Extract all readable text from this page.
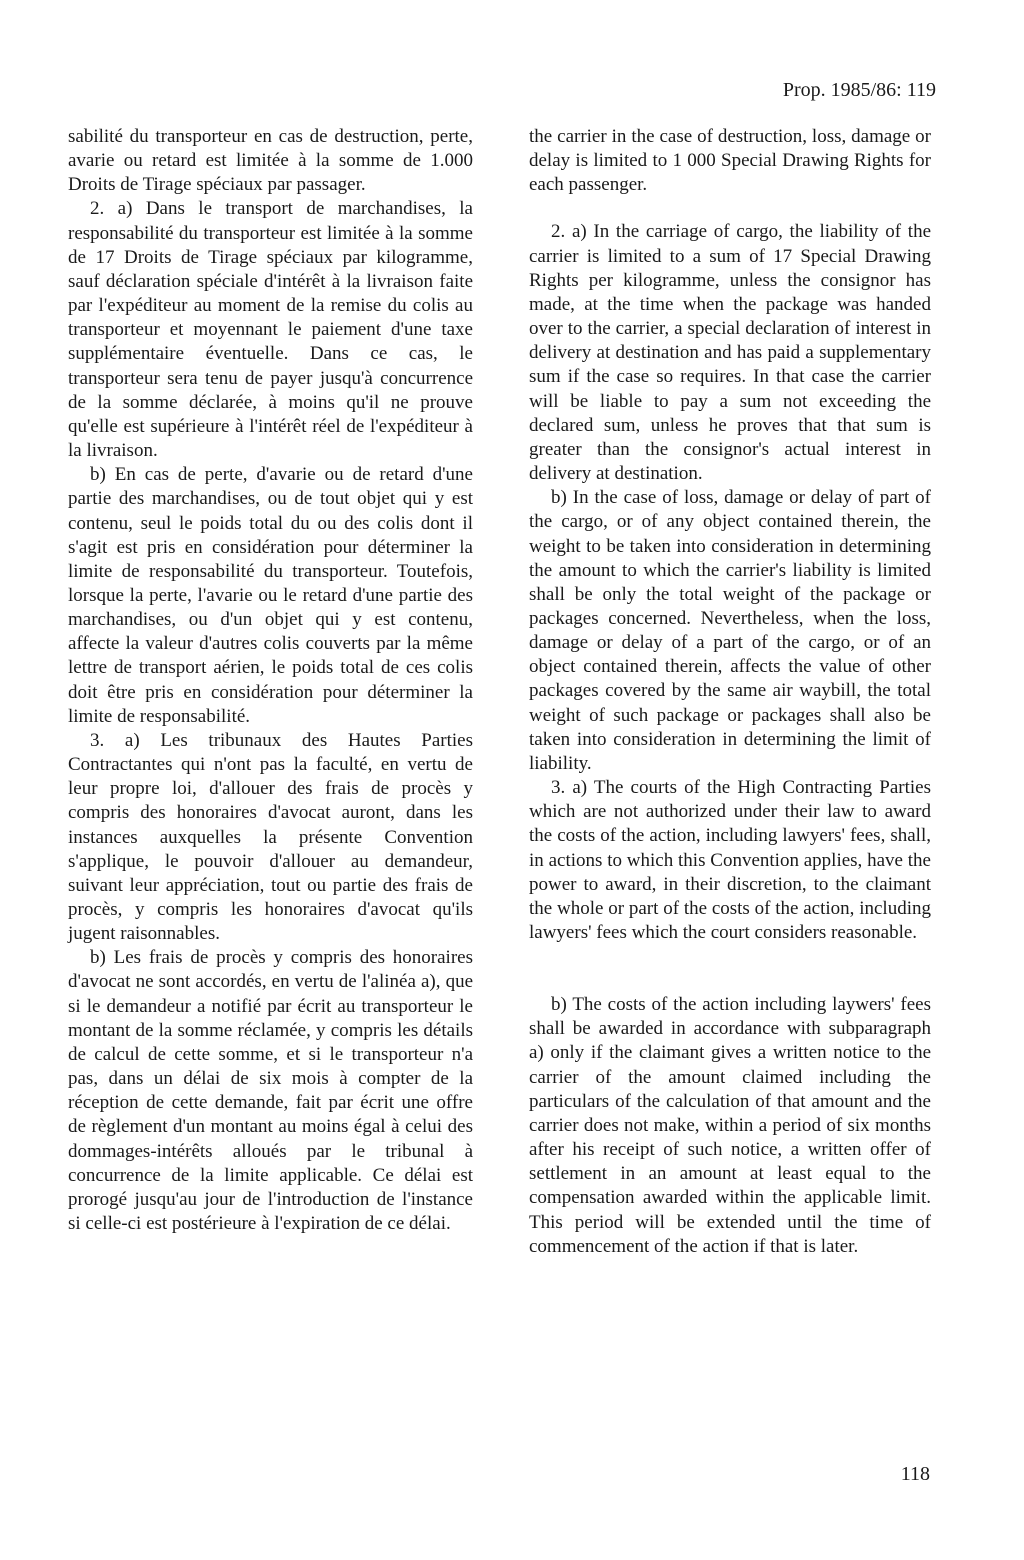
Prop. 1985/86: 119

sabilité du transporteur en cas de destruction, perte, avarie ou retard est limitée à la somme de 1.000 Droits de Tirage spéciaux par passager.

2. a) Dans le transport de marchandises, la responsabilité du transporteur est limitée à la somme de 17 Droits de Tirage spéciaux par kilogramme, sauf déclaration spéciale d'intérêt à la livraison faite par l'expéditeur au moment de la remise du colis au transporteur et moyennant le paiement d'une taxe supplémentaire éventuelle. Dans ce cas, le transporteur sera tenu de payer jusqu'à concurrence de la somme déclarée, à moins qu'il ne prouve qu'elle est supérieure à l'intérêt réel de l'expéditeur à la livraison.

b) En cas de perte, d'avarie ou de retard d'une partie des marchandises, ou de tout objet qui y est contenu, seul le poids total du ou des colis dont il s'agit est pris en considération pour déterminer la limite de responsabilité du transporteur. Toutefois, lorsque la perte, l'avarie ou le retard d'une partie des marchandises, ou d'un objet qui y est contenu, affecte la valeur d'autres colis couverts par la même lettre de transport aérien, le poids total de ces colis doit être pris en considération pour déterminer la limite de responsabilité.

3. a) Les tribunaux des Hautes Parties Contractantes qui n'ont pas la faculté, en vertu de leur propre loi, d'allouer des frais de procès y compris des honoraires d'avocat auront, dans les instances auxquelles la présente Convention s'applique, le pouvoir d'allouer au demandeur, suivant leur appréciation, tout ou partie des frais de procès, y compris les honoraires d'avocat qu'ils jugent raisonnables.

b) Les frais de procès y compris des honoraires d'avocat ne sont accordés, en vertu de l'alinéa a), que si le demandeur a notifié par écrit au transporteur le montant de la somme réclamée, y compris les détails de calcul de cette somme, et si le transporteur n'a pas, dans un délai de six mois à compter de la réception de cette demande, fait par écrit une offre de règlement d'un montant au moins égal à celui des dommages-intérêts alloués par le tribunal à concurrence de la limite applicable. Ce délai est prorogé jusqu'au jour de l'introduction de l'instance si celle-ci est postérieure à l'expiration de ce délai.

the carrier in the case of destruction, loss, damage or delay is limited to 1 000 Special Drawing Rights for each passenger.

2. a) In the carriage of cargo, the liability of the carrier is limited to a sum of 17 Special Drawing Rights per kilogramme, unless the consignor has made, at the time when the package was handed over to the carrier, a special declaration of interest in delivery at destination and has paid a supplementary sum if the case so requires. In that case the carrier will be liable to pay a sum not exceeding the declared sum, unless he proves that that sum is greater than the consignor's actual interest in delivery at destination.

b) In the case of loss, damage or delay of part of the cargo, or of any object contained therein, the weight to be taken into consideration in determining the amount to which the carrier's liability is limited shall be only the total weight of the package or packages concerned. Nevertheless, when the loss, damage or delay of a part of the cargo, or of an object contained therein, affects the value of other packages covered by the same air waybill, the total weight of such package or packages shall also be taken into consideration in determining the limit of liability.

3. a) The courts of the High Contracting Parties which are not authorized under their law to award the costs of the action, including lawyers' fees, shall, in actions to which this Convention applies, have the power to award, in their discretion, to the claimant the whole or part of the costs of the action, including lawyers' fees which the court considers reasonable.

b) The costs of the action including laywers' fees shall be awarded in accordance with subparagraph a) only if the claimant gives a written notice to the carrier of the amount claimed including the particulars of the calculation of that amount and the carrier does not make, within a period of six months after his receipt of such notice, a written offer of settlement in an amount at least equal to the compensation awarded within the applicable limit. This period will be extended until the time of commencement of the action if that is later.

118
